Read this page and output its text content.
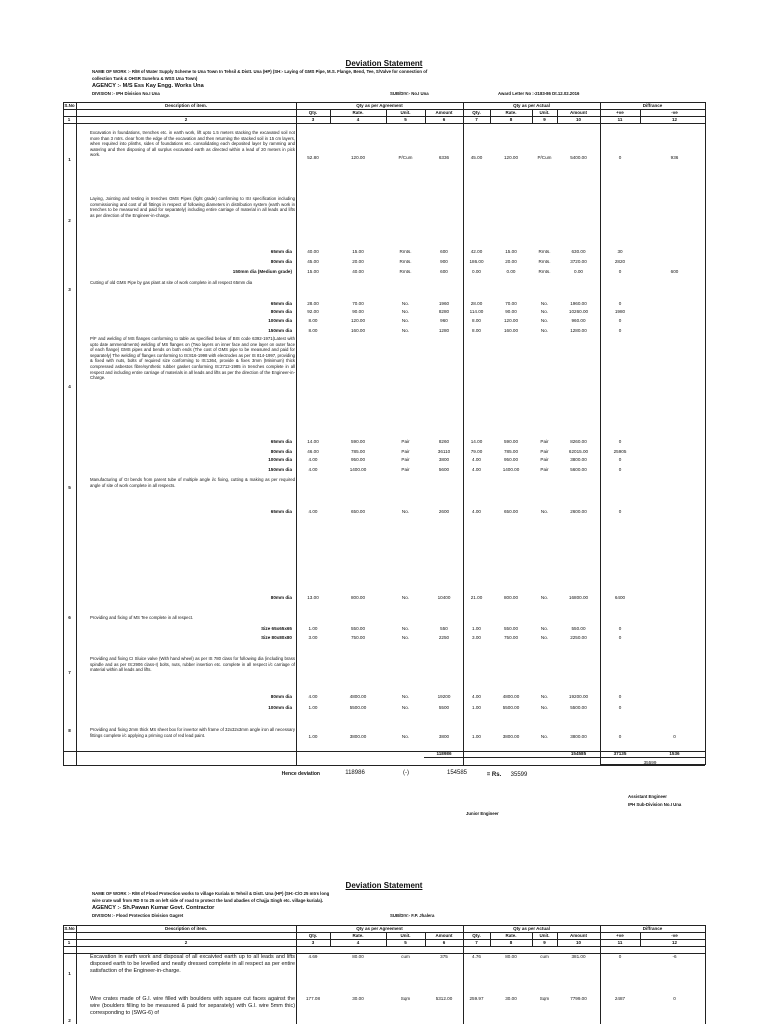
Deviation Statement
NAME OF WORK :- R/M of Water Supply Scheme to Una Town In Tehsil & Distt. Una (HP) (SH:- Laying of GMS Pipe, M.S. Flange, Bend, Tee, S/Valve for connection of
collection Tank & OHSR Sunehra & WSS Una Town)
AGENCY :- M/S Ess Kay Engg. Works Una
DIVISION :- IPH Division No.I Una	SUB/DIV:- No.I Una	Award Letter No :-2183-86 Dt.12.02.2016
S.No	Description of item.	Qty as per Agreement	Qty as per Actual	Diffrance
Qty.	Rate.	Unit.	Amount	Qty.	Rate.	Unit.	Amount	+ve	-ve
1	2	3	4	5	6	7	8	9	10	11	12
1
Excavation in foundations, trenches etc. in earth work, lift upto 1.5 meters stacking the excavated soil not more than 3 mtrs. clear from the edge of the excavation and then returning the stacked soil in 15 cm layers, when required into plinths, sides of foundations etc. consolidating each deposited layer by ramming and watering and then disposing of all surplus excavated earth as directed within a lead of 20 meters in pick work.
52.80	120.00	P/Cum	6336	45.00	120.00	P/Cum	5400.00	0	936
2
Laying, Jointing and testing in trenches GMS Pipes (light grade) confirming to ISI specification including commissioning and cost of all fittings in respect of following diameters in distribution system (earth work in trenches to be measured and paid for separately) including entire carriage of material in all leads and lifts as per direction of the Engineer-in-charge.
65mm dia	40.00	15.00	Rmts.	600	42.00	15.00	Rmts.	630.00	30
80mm dia	45.00	20.00	Rmts.	900	186.00	20.00	Rmts.	3720.00	2820
150mm dia (Medium grade)	15.00	40.00	Rmts.	600	0.00	0.00	Rmts.	0.00	0	600
3
Cutting of old GMS Pipe by gas plant at site of work complete in all respect 65mm dia
65mm dia	28.00	70.00	No.	1960	28.00	70.00	No.	1960.00	0
80mm dia	92.00	90.00	No.	8280	114.00	90.00	No.	10260.00	1980
100mm dia	8.00	120.00	No.	960	8.00	120.00	No.	960.00	0
150mm dia	8.00	160.00	No.	1280	8.00	160.00	No.	1280.00	0
4
P/F and welding of MS flanges conforming to table as specified below of BIS code 6392-1971(Latest with upto date ammendments) welding of MS flanges on (Two layers on inner face and one layer on outer face of each flange) GMS pipes and bends on both ends (The cost of GMS pipe to be measured and paid for separately) The welding of flanges conforming to IS:816-1998 with electrodes as per IS 814-1997, providing & fixed with nuts, bolts of required size conforming to IS:1364, provide & fixes 3mm (Minimum) thick compressed asbestos fibre/synthetic rubber gasket conforming IS:2712-1985 in trenches complete in all respect and including entire carriage of materials in all leads and lifts as per the direction of the Engineer-in-Charge.
65mm dia	14.00	590.00	Pair	8260	14.00	590.00	Pair	8260.00	0
80mm dia	46.00	785.00	Pair	36110	79.00	785.00	Pair	62015.00	25905
100mm dia	4.00	950.00	Pair	3800	4.00	950.00	Pair	3800.00	0
150mm dia	4.00	1400.00	Pair	5600	4.00	1400.00	Pair	5600.00	0
5
Manufacturing of GI bends from parent tube of multiple angle i/c fixing, cutting & making as per required angle of site of work complete in all respects.
65mm dia	4.00	650.00	No.	2600	4.00	650.00	No.	2600.00	0
80mm dia	13.00	800.00	No.	10400	21.00	800.00	No.	16800.00	6400
6	Providing and fixing of MS Tee complete in all respect.
Size 65x65x65	1.00	550.00	No.	550	1.00	550.00	No.	550.00	0
Size 80x80x80	3.00	750.00	No.	2250	3.00	750.00	No.	2250.00	0
7
Providing and fixing CI Sluice valve (With hand wheel) as per IS 780 class for following dia (including brass spindle and as per IS:2906 class-I) bolts, nuts, rubber insertion etc. complete in all respect i/c carriage of material within all leads and lifts.
80mm dia	4.00	4800.00	No.	19200	4.00	4800.00	No.	19200.00	0
100mm dia	1.00	5500.00	No.	5500	1.00	5500.00	No.	5500.00	0
8	Providing and fixing 2mm thick MS sheet box for invertor with frame of 32x32x3mm angle iron all necessary fittings complete i/c applying a priming coat of red lead paint.	1.00	3800.00	No.	3800	1.00	3800.00	No.	3800.00	0	0
118986	154585	37135	1536
35599
Hence deviation	118986	(-)	154585	= Rs.	35599
Assistant Engineer
IPH Sub-Division No.I Una
Junior Engineer
Deviation Statement
NAME OF WORK :- R/M of Flood Protection works to village Kuriala In Tehsil & Distt. Una (HP) (SH:-C/O 25 mtrs long
wire crate wall from RD 0 to 25 on left side of road to protect the land abadies of Chajja Singh etc. village kuriala).
AGENCY :- Sh.Pawan Kumar Govt. Contractor
DIVISION :- Flood Protection Division Gagret	SUB/DIV:- F.P. Jhalera
S.No	Description of item.	Qty as per Agreement	Qty as per Actual	Diffrance
Qty.	Rate.	Unit.	Amount	Qty.	Rate.	Unit.	Amount	+ve	-ve
1	2	3	4	5	6	7	8	9	10	11	12
Excavation in earth work and disposal of all excaivted earth up to all leads and lifts disposed earth to be levelled and neatly dressed complete in all respect as per entire satisfaction of the Engineer-in-charge.
1
4.69	80.00	cum	375	4.76	80.00	cum	381.00	0	-6
Wire crates made of G.I. wire filled with boulders with square cut faces against the wire (boulders filling to be measured & paid for separately) with G.I. wire 5mm thic) corresponding to (SWG-6) of
2
177.08	30.00	Sqm	5312.00	259.97	30.00	Sqm	7799.00	2487	0
